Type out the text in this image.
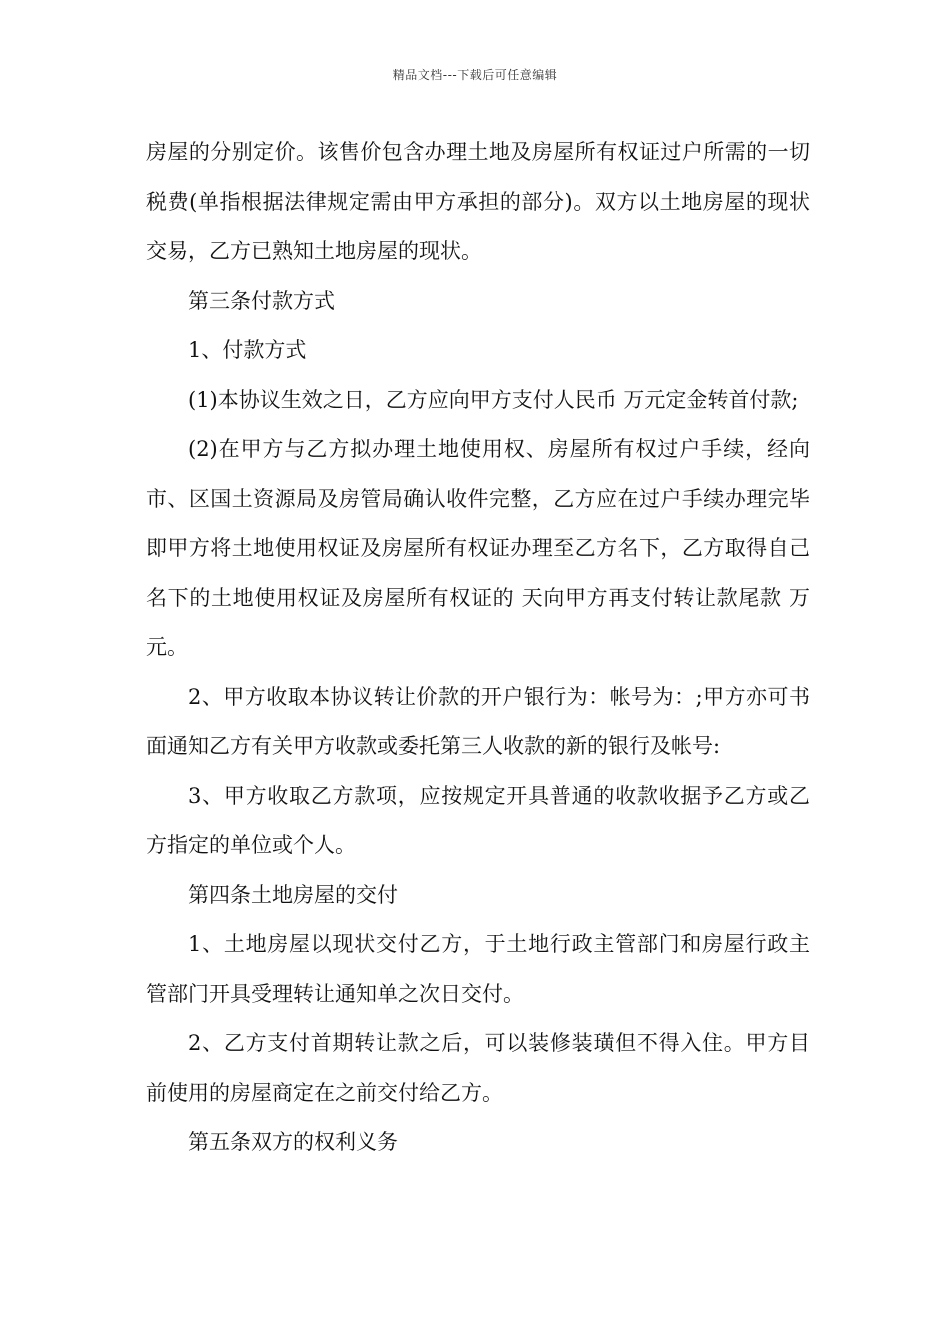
精品文档---下载后可任意编辑

房屋的分别定价。该售价包含办理土地及房屋所有权证过户所需的一切税费(单指根据法律规定需由甲方承担的部分)。双方以土地房屋的现状交易，乙方已熟知土地房屋的现状。

第三条付款方式

1、付款方式

(1)本协议生效之日，乙方应向甲方支付人民币 万元定金转首付款;

(2)在甲方与乙方拟办理土地使用权、房屋所有权过户手续，经向市、区国土资源局及房管局确认收件完整，乙方应在过户手续办理完毕即甲方将土地使用权证及房屋所有权证办理至乙方名下，乙方取得自己名下的土地使用权证及房屋所有权证的 天向甲方再支付转让款尾款 万元。

2、甲方收取本协议转让价款的开户银行为：帐号为：;甲方亦可书面通知乙方有关甲方收款或委托第三人收款的新的银行及帐号:

3、甲方收取乙方款项，应按规定开具普通的收款收据予乙方或乙方指定的单位或个人。

第四条土地房屋的交付

1、土地房屋以现状交付乙方，于土地行政主管部门和房屋行政主管部门开具受理转让通知单之次日交付。

2、乙方支付首期转让款之后，可以装修装璜但不得入住。甲方目前使用的房屋商定在之前交付给乙方。

第五条双方的权利义务
